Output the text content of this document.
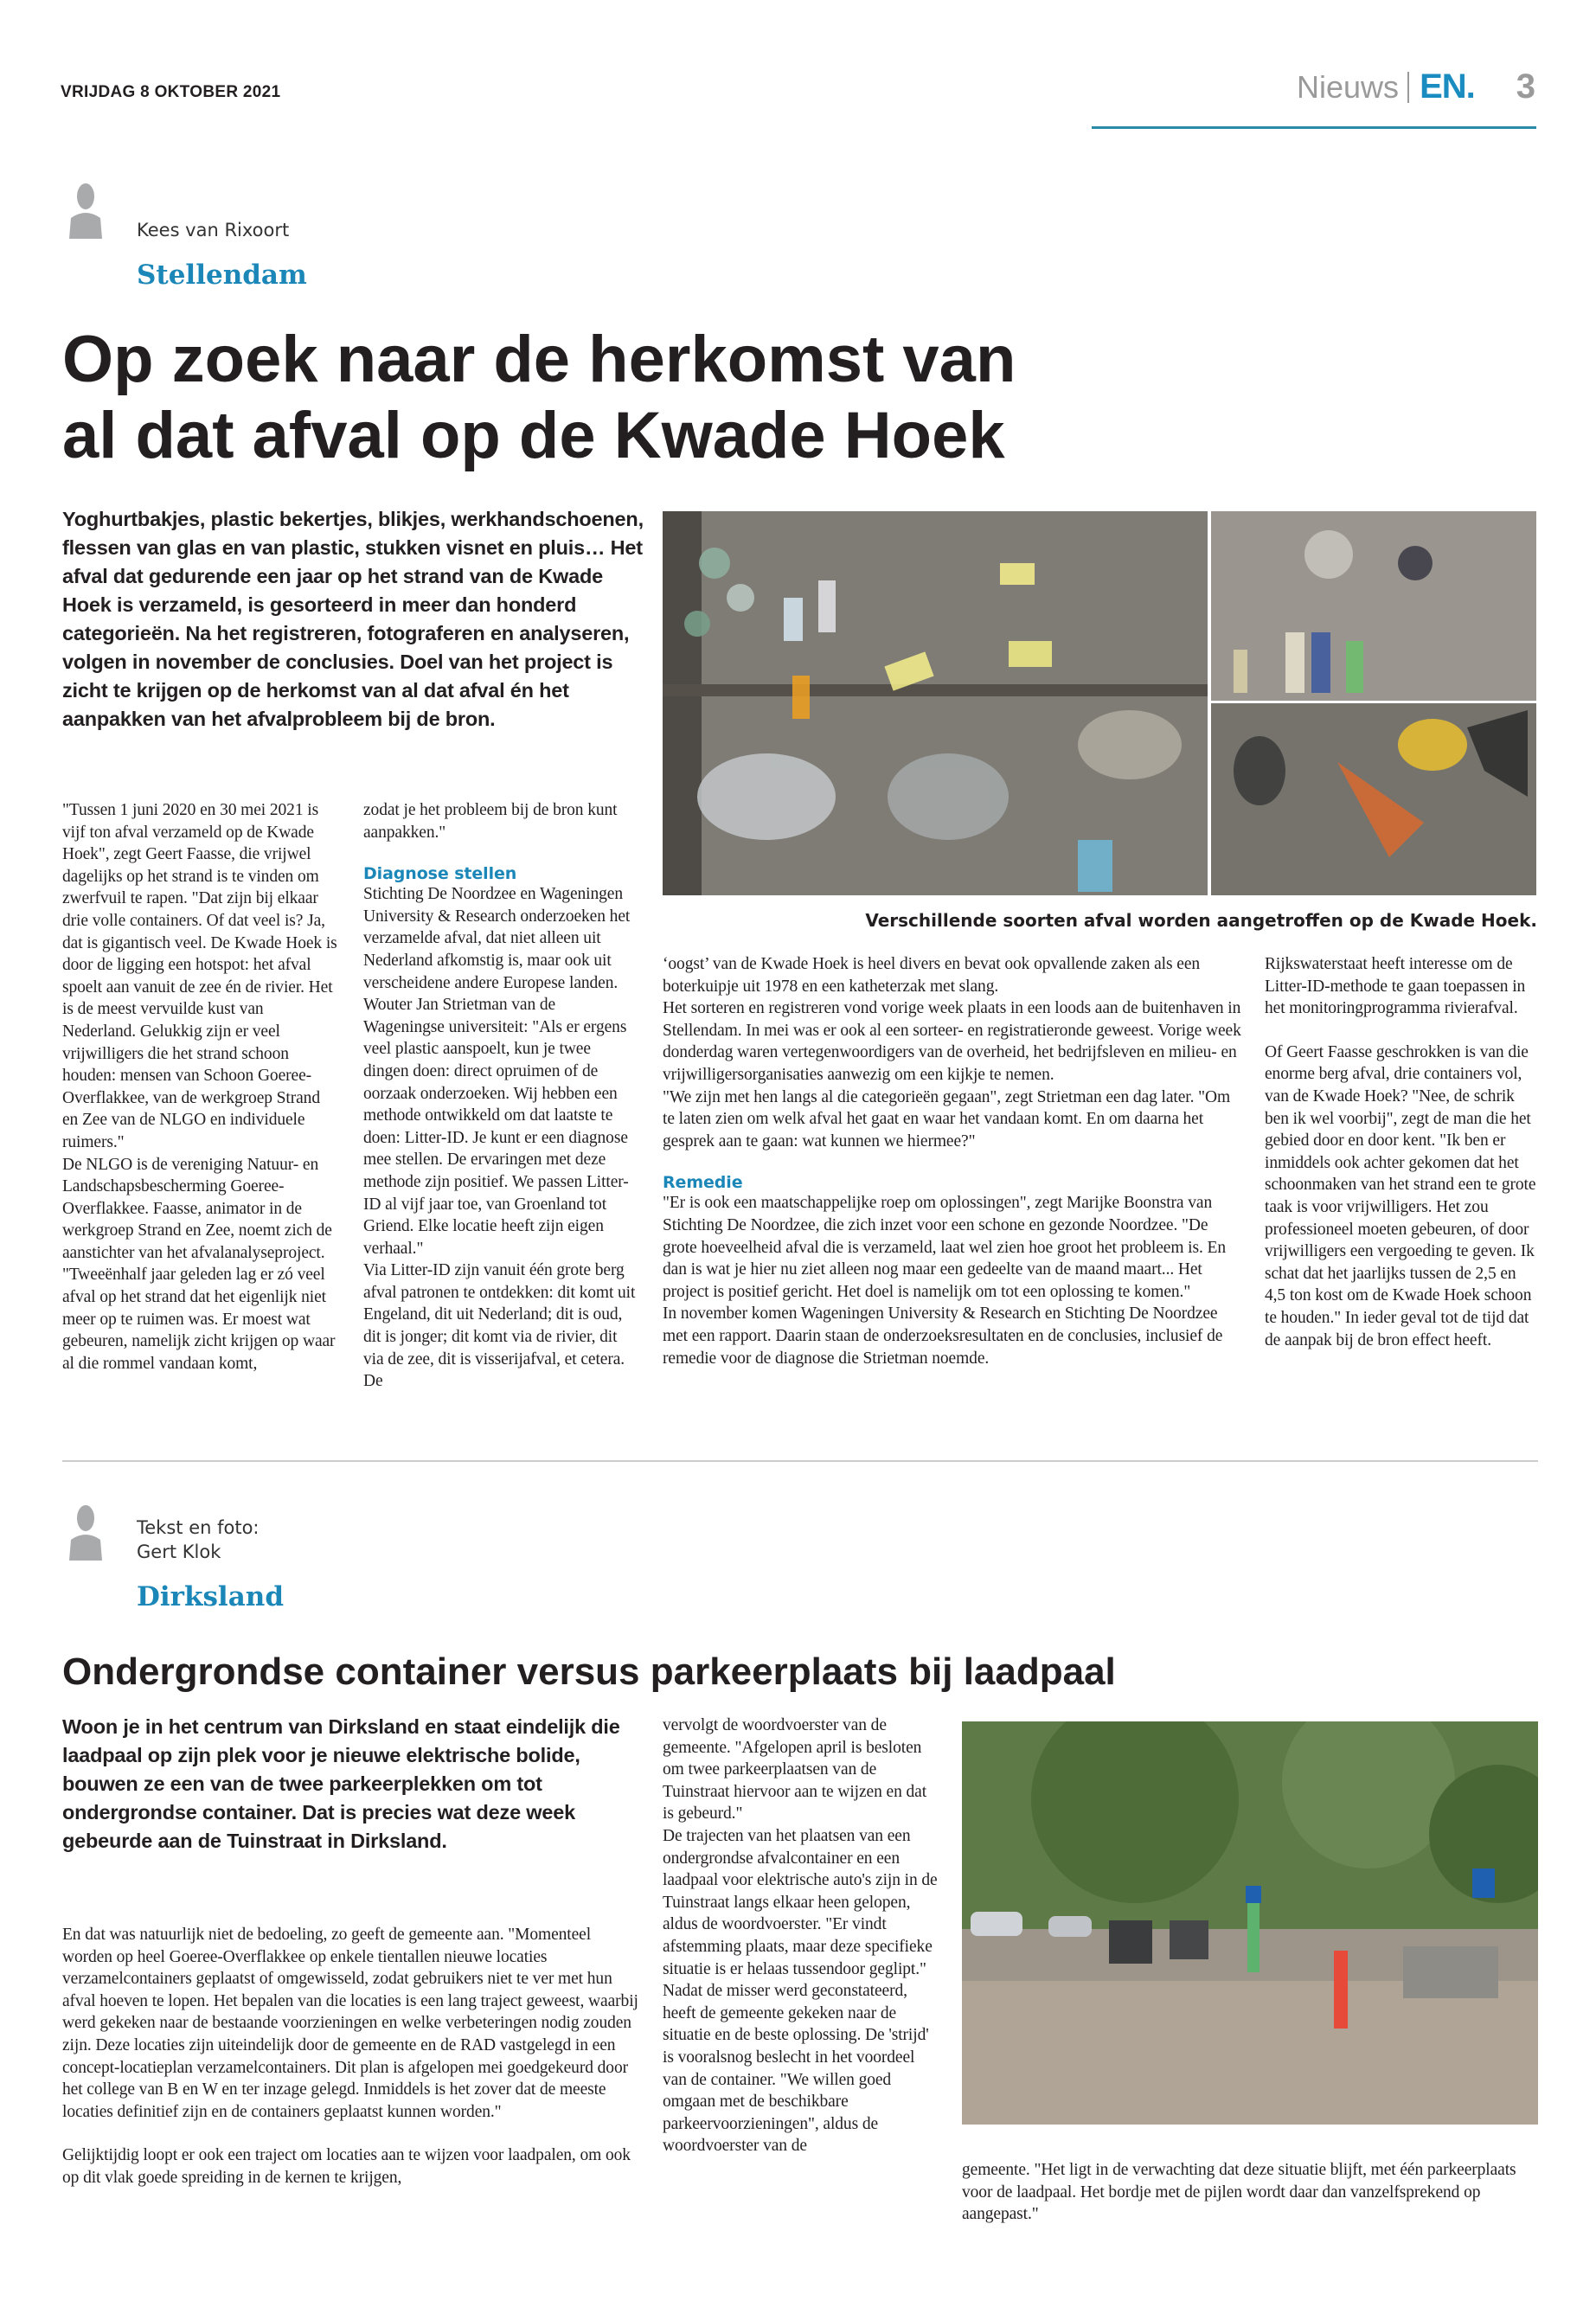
VRIJDAG 8 OKTOBER 2021	Nieuws EN.	3
Kees van Rixoort
Stellendam
Op zoek naar de herkomst van
al dat afval op de Kwade Hoek
Yoghurtbakjes, plastic bekertjes, blikjes, werkhandschoenen, flessen van glas en van plastic, stukken visnet en pluis… Het afval dat gedurende een jaar op het strand van de Kwade Hoek is verzameld, is gesorteerd in meer dan honderd categorieën. Na het registreren, fotograferen en analyseren, volgen in november de conclusies. Doel van het project is zicht te krijgen op de herkomst van al dat afval én het aanpakken van het afvalprobleem bij de bron.
Verschillende soorten afval worden aangetroffen op de Kwade Hoek.

"Tussen 1 juni 2020 en 30 mei 2021 is vijf ton afval verzameld op de Kwade Hoek", zegt Geert Faasse, die vrijwel dagelijks op het strand is te vinden om zwerfvuil te rapen. "Dat zijn bij elkaar drie volle containers. Of dat veel is? Ja, dat is gigantisch veel. De Kwade Hoek is door de ligging een hotspot: het afval spoelt aan vanuit de zee én de rivier. Het is de meest vervuilde kust van Nederland. Gelukkig zijn er veel vrijwilligers die het strand schoon houden: mensen van Schoon Goeree-Overflakkee, van de werkgroep Strand en Zee van de NLGO en individuele ruimers."

De NLGO is de vereniging Natuur- en Landschapsbescherming Goeree-Overflakkee. Faasse, animator in de werkgroep Strand en Zee, noemt zich de aanstichter van het afvalanalyseproject. "Tweeënhalf jaar geleden lag er zó veel afval op het strand dat het eigenlijk niet meer op te ruimen was. Er moest wat gebeuren, namelijk zicht krijgen op waar al die rommel vandaan komt,

zodat je het probleem bij de bron kunt aanpakken."

Diagnose stellen

Stichting De Noordzee en Wageningen University & Research onderzoeken het verzamelde afval, dat niet alleen uit Nederland afkomstig is, maar ook uit verscheidene andere Europese landen. Wouter Jan Strietman van de Wageningse universiteit: "Als er ergens veel plastic aanspoelt, kun je twee dingen doen: direct opruimen of de oorzaak onderzoeken. Wij hebben een methode ontwikkeld om dat laatste te doen: Litter-ID. Je kunt er een diagnose mee stellen. De ervaringen met deze methode zijn positief. We passen Litter-ID al vijf jaar toe, van Groenland tot Griend. Elke locatie heeft zijn eigen verhaal."

Via Litter-ID zijn vanuit één grote berg afval patronen te ontdekken: dit komt uit Engeland, dit uit Nederland; dit is oud, dit is jonger; dit komt via de rivier, dit via de zee, dit is visserijafval, et cetera. De

‘oogst’ van de Kwade Hoek is heel divers en bevat ook opvallende zaken als een boterkuipje uit 1978 en een katheterzak met slang.

Het sorteren en registreren vond vorige week plaats in een loods aan de buitenhaven in Stellendam. In mei was er ook al een sorteer- en registratieronde geweest. Vorige week donderdag waren vertegenwoordigers van de overheid, het bedrijfsleven en milieu- en vrijwilligersorganisaties aanwezig om een kijkje te nemen.

"We zijn met hen langs al die categorieën gegaan", zegt Strietman een dag later. "Om te laten zien om welk afval het gaat en waar het vandaan komt. En om daarna het gesprek aan te gaan: wat kunnen we hiermee?"

Remedie

"Er is ook een maatschappelijke roep om oplossingen", zegt Marijke Boonstra van Stichting De Noordzee, die zich inzet voor een schone en gezonde Noordzee. "De grote hoeveelheid afval die is verzameld, laat wel zien hoe groot het probleem is. En dan is wat je hier nu ziet alleen nog maar een gedeelte van de maand maart... Het project is positief gericht. Het doel is namelijk om tot een oplossing te komen."

In november komen Wageningen University & Research en Stichting De Noordzee met een rapport. Daarin staan de onderzoeksresultaten en de conclusies, inclusief de remedie voor de diagnose die Strietman noemde.

Rijkswaterstaat heeft interesse om de Litter-ID-methode te gaan toepassen in het monitoringprogramma rivierafval.

Of Geert Faasse geschrokken is van die enorme berg afval, drie containers vol, van de Kwade Hoek? "Nee, de schrik ben ik wel voorbij", zegt de man die het gebied door en door kent. "Ik ben er inmiddels ook achter gekomen dat het schoonmaken van het strand een te grote taak is voor vrijwilligers. Het zou professioneel moeten gebeuren, of door vrijwilligers een vergoeding te geven. Ik schat dat het jaarlijks tussen de 2,5 en 4,5 ton kost om de Kwade Hoek schoon te houden." In ieder geval tot de tijd dat de aanpak bij de bron effect heeft.

Tekst en foto:
Gert Klok
Dirksland
Ondergrondse container versus parkeerplaats bij laadpaal
Woon je in het centrum van Dirksland en staat eindelijk die laadpaal op zijn plek voor je nieuwe elektrische bolide, bouwen ze een van de twee parkeerplekken om tot ondergrondse container. Dat is precies wat deze week gebeurde aan de Tuinstraat in Dirksland.

En dat was natuurlijk niet de bedoeling, zo geeft de gemeente aan. "Momenteel worden op heel Goeree-Overflakkee op enkele tientallen nieuwe locaties verzamelcontainers geplaatst of omgewisseld, zodat gebruikers niet te ver met hun afval hoeven te lopen. Het bepalen van die locaties is een lang traject geweest, waarbij werd gekeken naar de bestaande voorzieningen en welke verbeteringen nodig zouden zijn. Deze locaties zijn uiteindelijk door de gemeente en de RAD vastgelegd in een concept-locatieplan verzamelcontainers. Dit plan is afgelopen mei goedgekeurd door het college van B en W en ter inzage gelegd. Inmiddels is het zover dat de meeste locaties definitief zijn en de containers geplaatst kunnen worden."

Gelijktijdig loopt er ook een traject om locaties aan te wijzen voor laadpalen, om ook op dit vlak goede spreiding in de kernen te krijgen,

vervolgt de woordvoerster van de gemeente. "Afgelopen april is besloten om twee parkeerplaatsen van de Tuinstraat hiervoor aan te wijzen en dat is gebeurd."

De trajecten van het plaatsen van een ondergrondse afvalcontainer en een laadpaal voor elektrische auto's zijn in de Tuinstraat langs elkaar heen gelopen, aldus de woordvoerster. "Er vindt afstemming plaats, maar deze specifieke situatie is er helaas tussendoor geglipt." Nadat de misser werd geconstateerd, heeft de gemeente gekeken naar de situatie en de beste oplossing. De 'strijd' is vooralsnog beslecht in het voordeel van de container. "We willen goed omgaan met de beschikbare parkeervoorzieningen", aldus de woordvoerster van de

gemeente. "Het ligt in de verwachting dat deze situatie blijft, met één parkeerplaats voor de laadpaal. Het bordje met de pijlen wordt daar dan vanzelfsprekend op aangepast."
